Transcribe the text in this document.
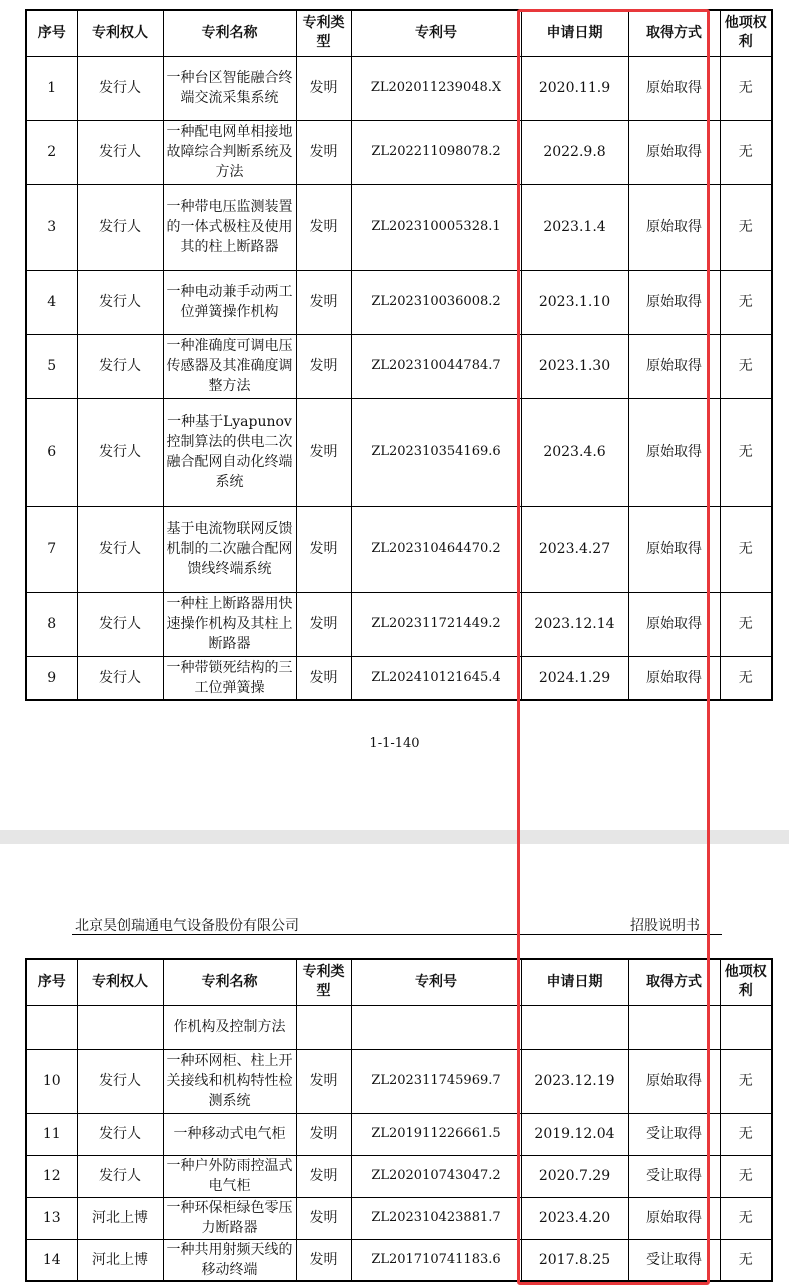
序号	专利权人	专利名称	专利类型	专利号	申请日期	取得方式	他项权利
1	发行人	一种台区智能融合终端交流采集系统	发明	ZL202011239048.X	2020.11.9	原始取得	无
2	发行人	一种配电网单相接地故障综合判断系统及方法	发明	ZL202211098078.2	2022.9.8	原始取得	无
3	发行人	一种带电压监测装置的一体式极柱及使用其的柱上断路器	发明	ZL202310005328.1	2023.1.4	原始取得	无
4	发行人	一种电动兼手动两工位弹簧操作机构	发明	ZL202310036008.2	2023.1.10	原始取得	无
5	发行人	一种准确度可调电压传感器及其准确度调整方法	发明	ZL202310044784.7	2023.1.30	原始取得	无
6	发行人	一种基于Lyapunov控制算法的供电二次融合配网自动化终端系统	发明	ZL202310354169.6	2023.4.6	原始取得	无
7	发行人	基于电流物联网反馈机制的二次融合配网馈线终端系统	发明	ZL202310464470.2	2023.4.27	原始取得	无
8	发行人	一种柱上断路器用快速操作机构及其柱上断路器	发明	ZL202311721449.2	2023.12.14	原始取得	无
9	发行人	一种带锁死结构的三工位弹簧操	发明	ZL202410121645.4	2024.1.29	原始取得	无
1-1-140
北京昊创瑞通电气设备股份有限公司	招股说明书
序号	专利权人	专利名称	专利类型	专利号	申请日期	取得方式	他项权利
		作机构及控制方法					
10	发行人	一种环网柜、柱上开关接线和机构特性检测系统	发明	ZL202311745969.7	2023.12.19	原始取得	无
11	发行人	一种移动式电气柜	发明	ZL201911226661.5	2019.12.04	受让取得	无
12	发行人	一种户外防雨控温式电气柜	发明	ZL202010743047.2	2020.7.29	受让取得	无
13	河北上博	一种环保柜绿色零压力断路器	发明	ZL202310423881.7	2023.4.20	原始取得	无
14	河北上博	一种共用射频天线的移动终端	发明	ZL201710741183.6	2017.8.25	受让取得	无
